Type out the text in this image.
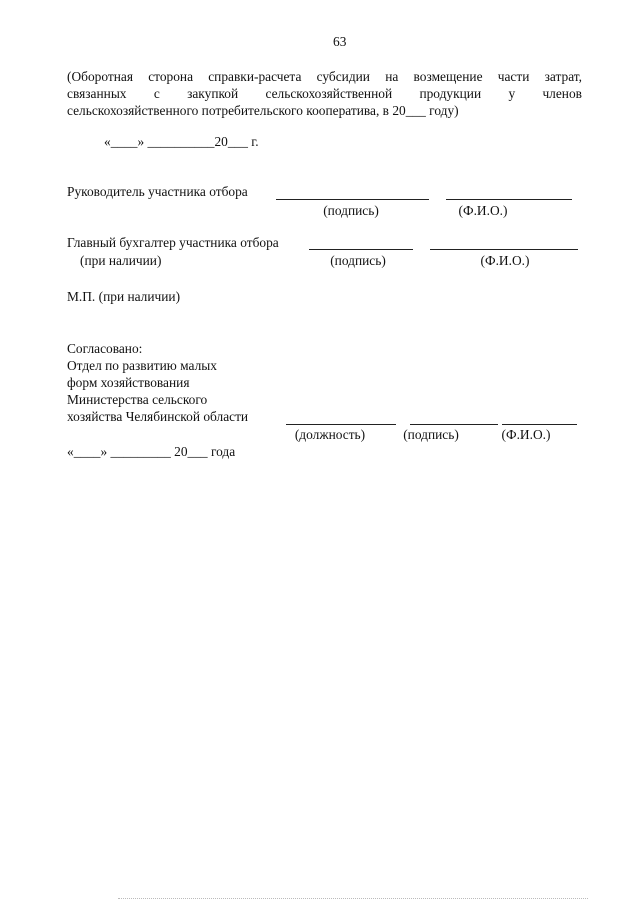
63
(Оборотная сторона справки-расчета субсидии на возмещение части затрат,
связанных с закупкой сельскохозяйственной продукции у членов
сельскохозяйственного потребительского кооператива, в 20___ году)
«____» __________20___ г.
Руководитель участника отбора
(подпись)	(Ф.И.О.)
Главный бухгалтер участника отбора
(при наличии)	(подпись)	(Ф.И.О.)
М.П. (при наличии)
Согласовано:
Отдел по развитию малых
форм хозяйствования
Министерства сельского
хозяйства Челябинской области
(должность)	(подпись)	(Ф.И.О.)
«____» _________ 20___ года
